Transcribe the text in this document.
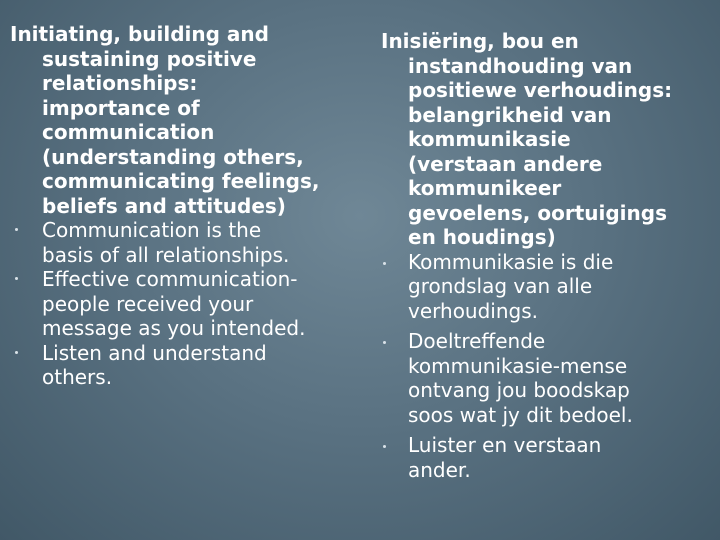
Initiating, building and
sustaining positive
relationships:
importance of
communication
(understanding others,
communicating feelings,
beliefs and attitudes)

Communication is the
basis of all relationships.
Effective communication-
people received your
message as you intended.
Listen and understand
others.

Inisiëring, bou en
instandhouding van
positiewe verhoudings:
belangrikheid van
kommunikasie
(verstaan andere
kommunikeer
gevoelens, oortuigings
en houdings)

Kommunikasie is die
grondslag van alle
verhoudings.
Doeltreffende
kommunikasie-mense
ontvang jou boodskap
soos wat jy dit bedoel.
Luister en verstaan
ander.
